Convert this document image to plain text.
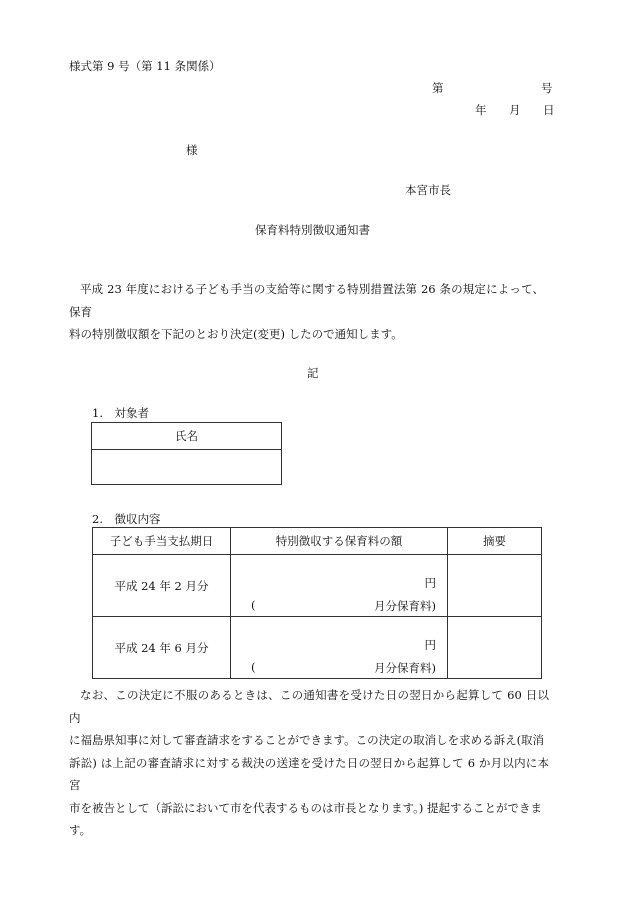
様式第 9 号（第 11 条関係）
第	号
年 月 日
様
本宮市長
保育料特別徴収通知書
平成 23 年度における子ども手当の支給等に関する特別措置法第 26 条の規定によって、保育
料の特別徴収額を下記のとおり決定(変更) したので通知します。
記
1.　対象者
氏名

2.　徴収内容
子ども手当支払期日	特別徴収する保育料の額	摘要
平成 24 年 2 月分	円
( 月分保育料)	

平成 24 年 6 月分	円
( 月分保育料)	

なお、この決定に不服のあるときは、この通知書を受けた日の翌日から起算して 60 日以内
に福島県知事に対して審査請求をすることができます。この決定の取消しを求める訴え(取消
訴訟) は上記の審査請求に対する裁決の送達を受けた日の翌日から起算して 6 か月以内に本宮
市を被告として（訴訟において市を代表するものは市長となります。) 提起することができま
す。
